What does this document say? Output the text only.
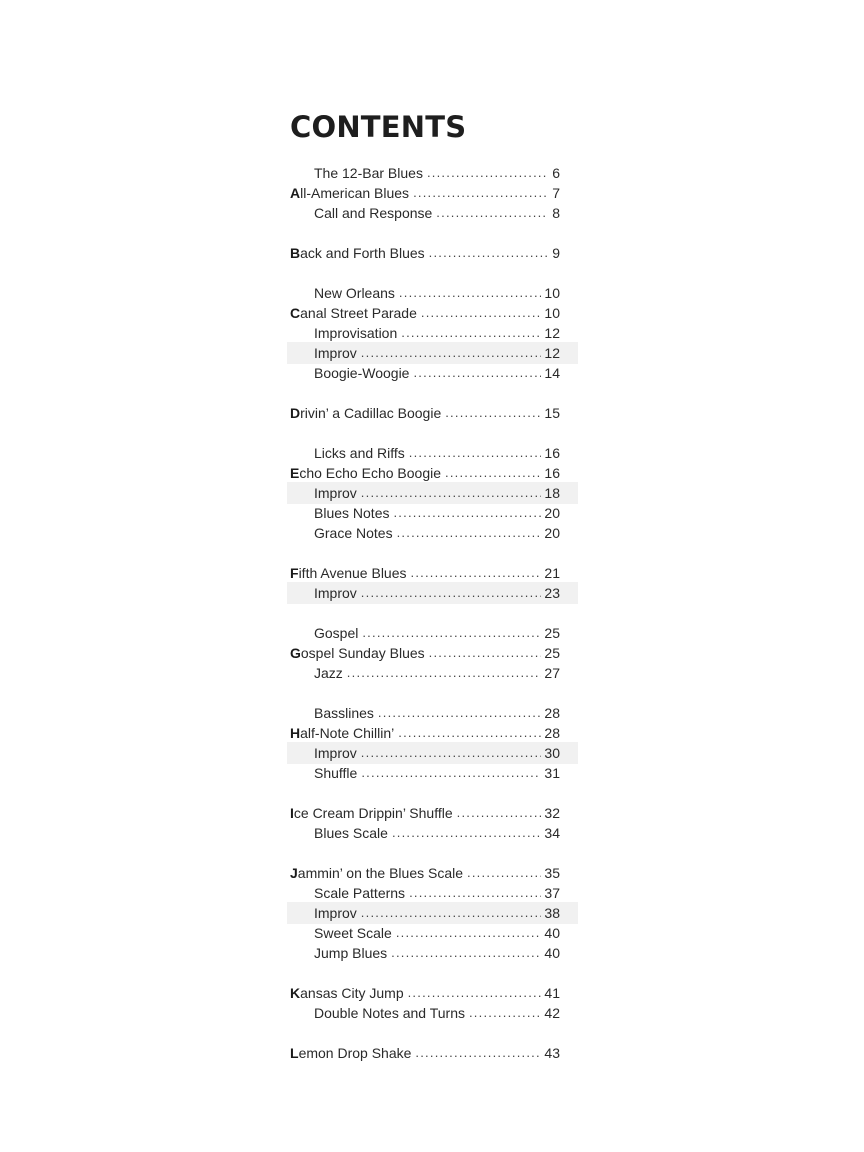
CONTENTS
The 12-Bar Blues . . .	6
All-American Blues . . .	7
Call and Response . . .	8
Back and Forth Blues . . .	9
New Orleans . . .	10
Canal Street Parade . . .	10
Improvisation . . .	12
Improv . . .	12
Boogie-Woogie . . .	14
Drivin’ a Cadillac Boogie . . .	15
Licks and Riffs . . .	16
Echo Echo Echo Boogie . . .	16
Improv . . .	18
Blues Notes . . .	20
Grace Notes . . .	20
Fifth Avenue Blues . . .	21
Improv . . .	23
Gospel . . .	25
Gospel Sunday Blues . . .	25
Jazz . . .	27
Basslines . . .	28
Half-Note Chillin’ . . .	28
Improv . . .	30
Shuffle . . .	31
Ice Cream Drippin’ Shuffle . . .	32
Blues Scale . . .	34
Jammin’ on the Blues Scale . . .	35
Scale Patterns . . .	37
Improv . . .	38
Sweet Scale . . .	40
Jump Blues . . .	40
Kansas City Jump . . .	41
Double Notes and Turns . . .	42
Lemon Drop Shake . . .	43
